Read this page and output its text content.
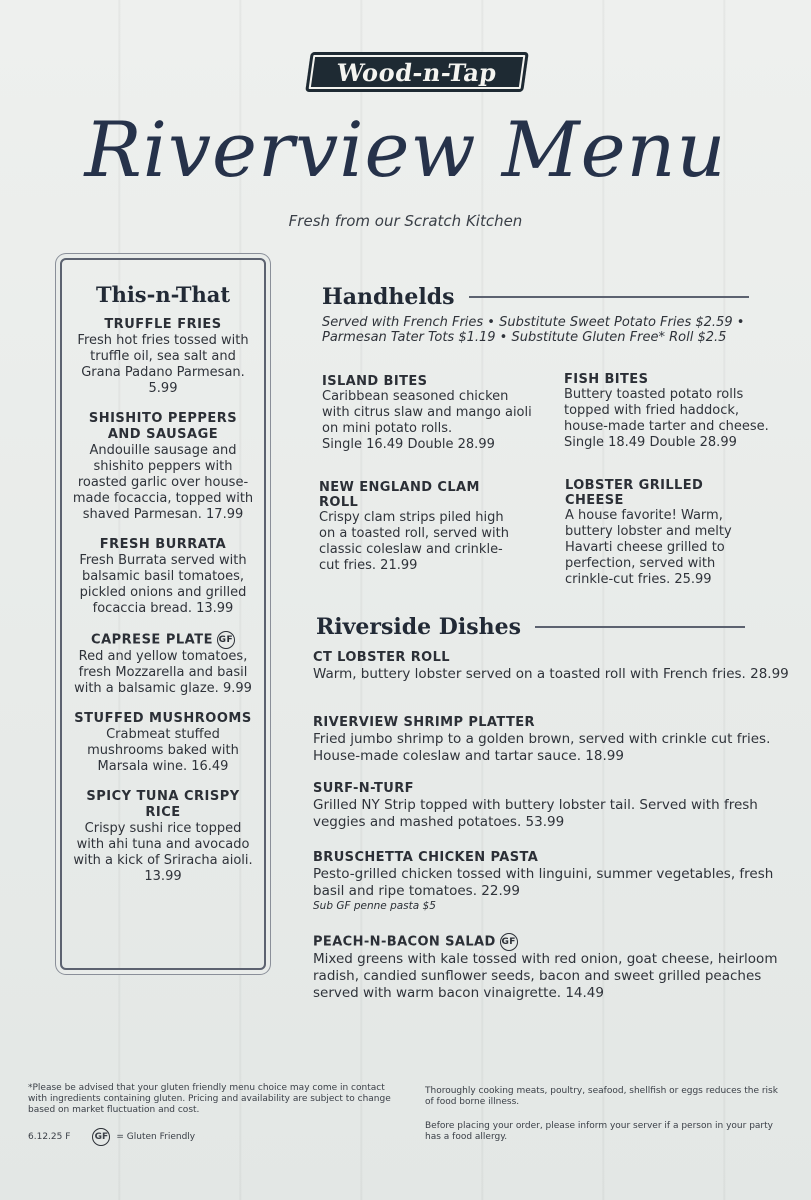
Wood-n-Tap
Riverview Menu
Fresh from our Scratch Kitchen
This-n-That
TRUFFLE FRIES
Fresh hot fries tossed with truffle oil, sea salt and Grana Padano Parmesan. 5.99
SHISHITO PEPPERS AND SAUSAGE
Andouille sausage and shishito peppers with roasted garlic over house-made focaccia, topped with shaved Parmesan. 17.99
FRESH BURRATA
Fresh Burrata served with balsamic basil tomatoes, pickled onions and grilled focaccia bread. 13.99
CAPRESE PLATE GF
Red and yellow tomatoes, fresh Mozzarella and basil with a balsamic glaze. 9.99
STUFFED MUSHROOMS
Crabmeat stuffed mushrooms baked with Marsala wine. 16.49
SPICY TUNA CRISPY RICE
Crispy sushi rice topped with ahi tuna and avocado with a kick of Sriracha aioli. 13.99
Handhelds
Served with French Fries • Substitute Sweet Potato Fries $2.59 • Parmesan Tater Tots $1.19 • Substitute Gluten Free* Roll $2.5
ISLAND BITES
Caribbean seasoned chicken with citrus slaw and mango aioli on mini potato rolls.
Single 16.49 Double 28.99
FISH BITES
Buttery toasted potato rolls topped with fried haddock, house-made tarter and cheese.
Single 18.49 Double 28.99
NEW ENGLAND CLAM ROLL
Crispy clam strips piled high on a toasted roll, served with classic coleslaw and crinkle-cut fries. 21.99
LOBSTER GRILLED CHEESE
A house favorite! Warm, buttery lobster and melty Havarti cheese grilled to perfection, served with crinkle-cut fries. 25.99
Riverside Dishes
CT LOBSTER ROLL
Warm, buttery lobster served on a toasted roll with French fries. 28.99
RIVERVIEW SHRIMP PLATTER
Fried jumbo shrimp to a golden brown, served with crinkle cut fries. House-made coleslaw and tartar sauce. 18.99
SURF-N-TURF
Grilled NY Strip topped with buttery lobster tail. Served with fresh veggies and mashed potatoes. 53.99
BRUSCHETTA CHICKEN PASTA
Pesto-grilled chicken tossed with linguini, summer vegetables, fresh basil and ripe tomatoes. 22.99
Sub GF penne pasta $5
PEACH-N-BACON SALAD GF
Mixed greens with kale tossed with red onion, goat cheese, heirloom radish, candied sunflower seeds, bacon and sweet grilled peaches served with warm bacon vinaigrette. 14.49
*Please be advised that your gluten friendly menu choice may come in contact with ingredients containing gluten. Pricing and availability are subject to change based on market fluctuation and cost.
6.12.25 F	GF = Gluten Friendly
Thoroughly cooking meats, poultry, seafood, shellfish or eggs reduces the risk of food borne illness.
Before placing your order, please inform your server if a person in your party has a food allergy.
